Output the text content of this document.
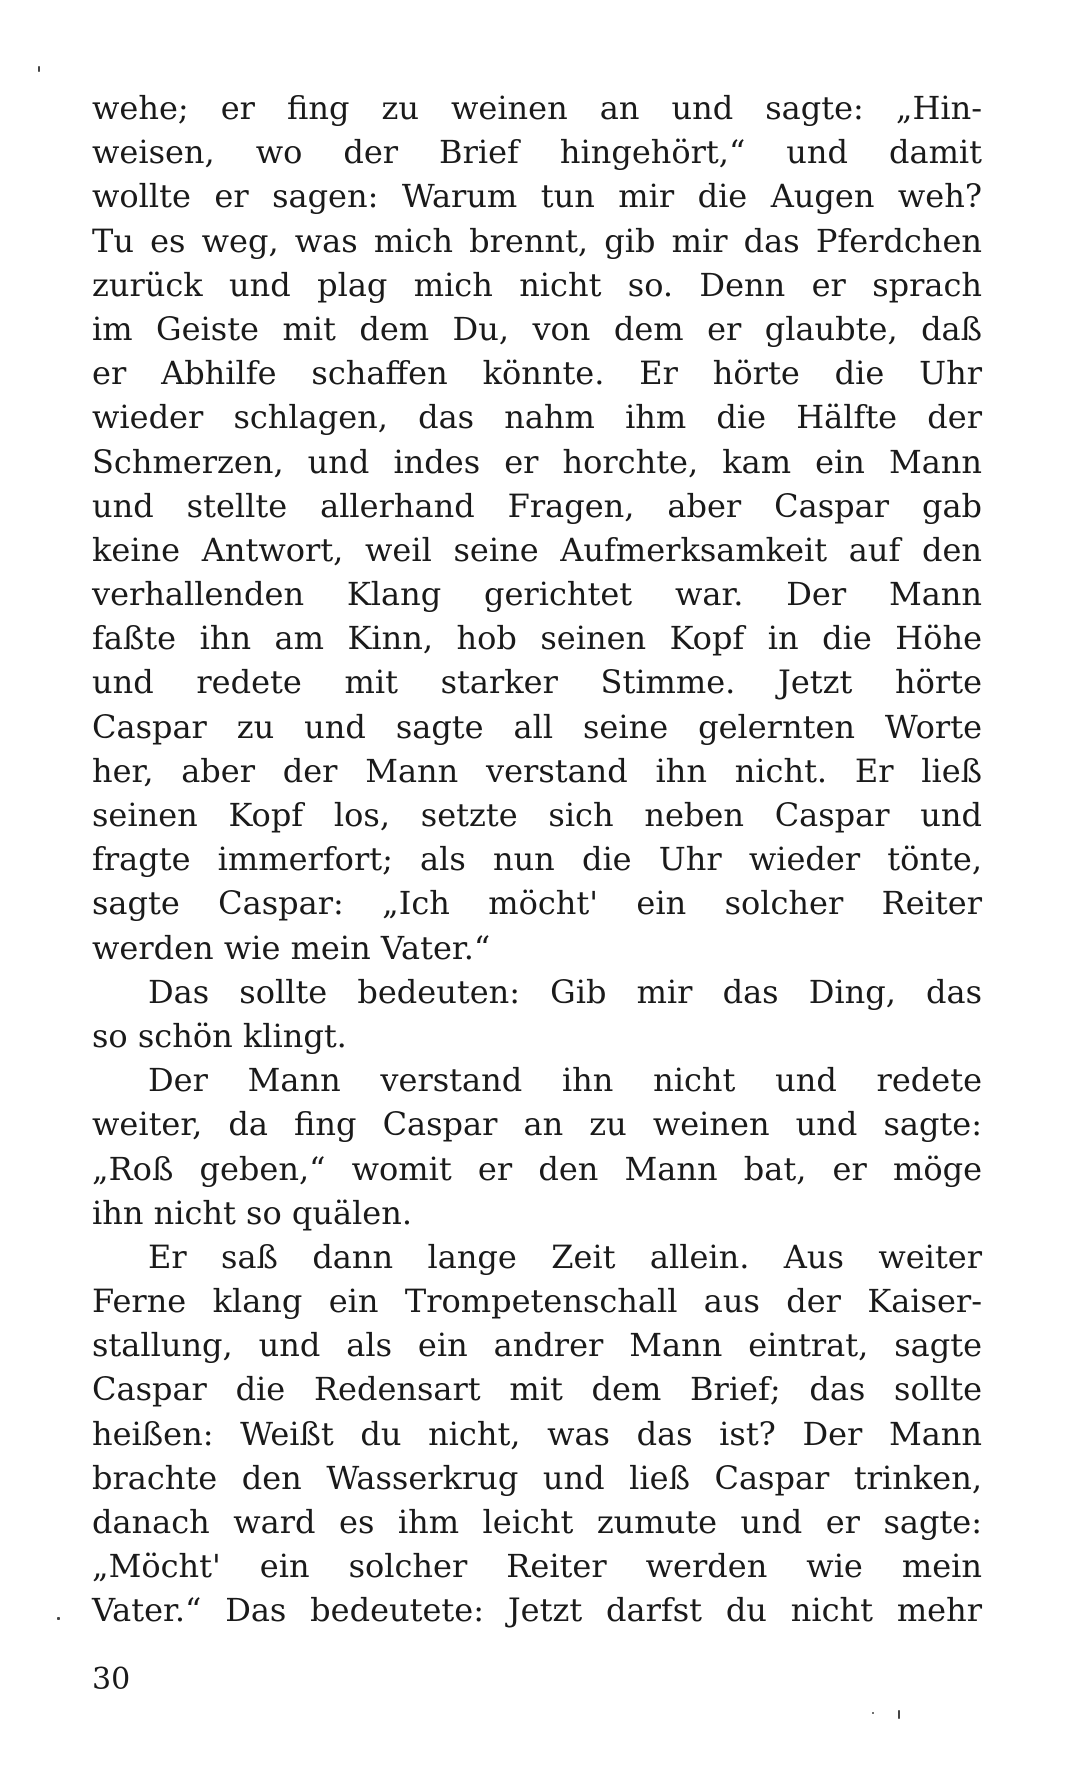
wehe; er fing zu weinen an und sagte: „Hin-
weisen, wo der Brief hingehört,“ und damit
wollte er sagen: Warum tun mir die Augen weh?
Tu es weg, was mich brennt, gib mir das Pferdchen
zurück und plag mich nicht so. Denn er sprach
im Geiste mit dem Du, von dem er glaubte, daß
er Abhilfe schaffen könnte. Er hörte die Uhr
wieder schlagen, das nahm ihm die Hälfte der
Schmerzen, und indes er horchte, kam ein Mann
und stellte allerhand Fragen, aber Caspar gab
keine Antwort, weil seine Aufmerksamkeit auf den
verhallenden Klang gerichtet war. Der Mann
faßte ihn am Kinn, hob seinen Kopf in die Höhe
und redete mit starker Stimme. Jetzt hörte
Caspar zu und sagte all seine gelernten Worte
her, aber der Mann verstand ihn nicht. Er ließ
seinen Kopf los, setzte sich neben Caspar und
fragte immerfort; als nun die Uhr wieder tönte,
sagte Caspar: „Ich möcht' ein solcher Reiter
werden wie mein Vater.“
Das sollte bedeuten: Gib mir das Ding, das
so schön klingt.
Der Mann verstand ihn nicht und redete
weiter, da fing Caspar an zu weinen und sagte:
„Roß geben,“ womit er den Mann bat, er möge
ihn nicht so quälen.
Er saß dann lange Zeit allein. Aus weiter
Ferne klang ein Trompetenschall aus der Kaiser-
stallung, und als ein andrer Mann eintrat, sagte
Caspar die Redensart mit dem Brief; das sollte
heißen: Weißt du nicht, was das ist? Der Mann
brachte den Wasserkrug und ließ Caspar trinken,
danach ward es ihm leicht zumute und er sagte:
„Möcht' ein solcher Reiter werden wie mein
Vater.“ Das bedeutete: Jetzt darfst du nicht mehr
30
